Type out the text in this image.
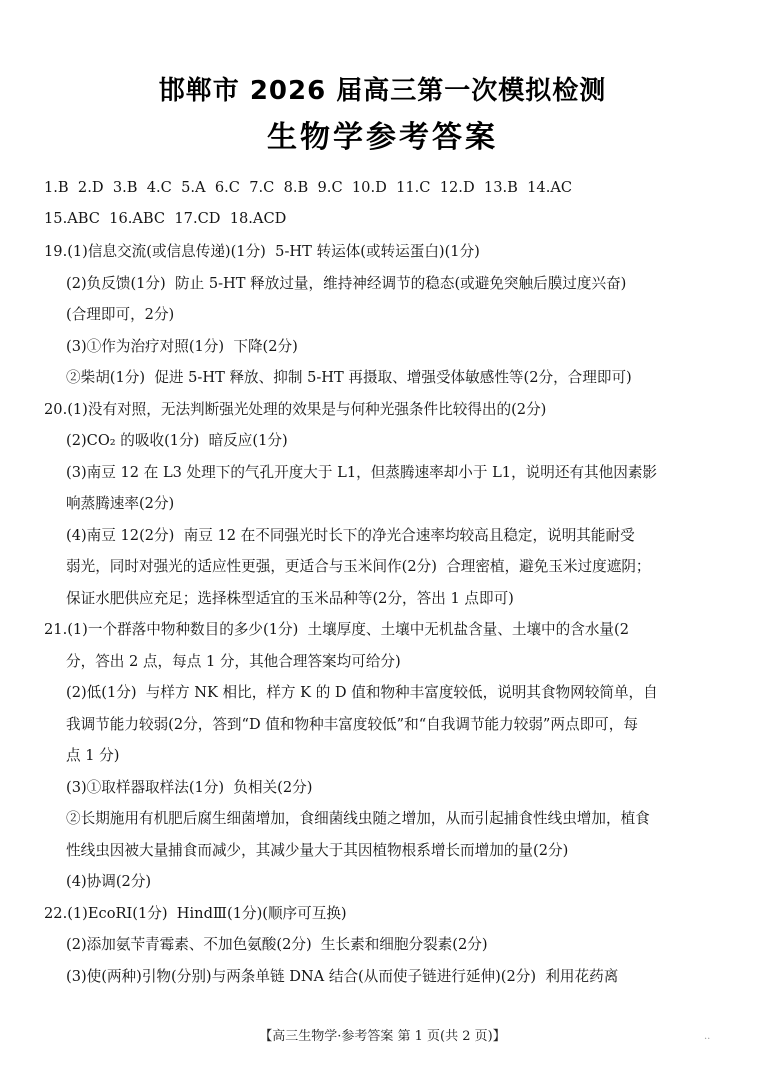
邯郸市 2026 届高三第一次模拟检测
生物学参考答案
1.B  2.D  3.B  4.C  5.A  6.C  7.C  8.B  9.C  10.D  11.C  12.D  13.B  14.AC
15.ABC  16.ABC  17.CD  18.ACD
19.(1)信息交流(或信息传递)(1分)  5-HT 转运体(或转运蛋白)(1分)
(2)负反馈(1分)  防止 5-HT 释放过量，维持神经调节的稳态(或避免突触后膜过度兴奋)
(合理即可，2分)
(3)①作为治疗对照(1分)  下降(2分)
②柴胡(1分)  促进 5-HT 释放、抑制 5-HT 再摄取、增强受体敏感性等(2分，合理即可)
20.(1)没有对照，无法判断强光处理的效果是与何种光强条件比较得出的(2分)
(2)CO₂ 的吸收(1分)  暗反应(1分)
(3)南豆 12 在 L3 处理下的气孔开度大于 L1，但蒸腾速率却小于 L1，说明还有其他因素影
响蒸腾速率(2分)
(4)南豆 12(2分)  南豆 12 在不同强光时长下的净光合速率均较高且稳定，说明其能耐受
弱光，同时对强光的适应性更强，更适合与玉米间作(2分)  合理密植，避免玉米过度遮阴；
保证水肥供应充足；选择株型适宜的玉米品种等(2分，答出 1 点即可)
21.(1)一个群落中物种数目的多少(1分)  土壤厚度、土壤中无机盐含量、土壤中的含水量(2
分，答出 2 点，每点 1 分，其他合理答案均可给分)
(2)低(1分)  与样方 NK 相比，样方 K 的 D 值和物种丰富度较低，说明其食物网较简单，自
我调节能力较弱(2分，答到“D 值和物种丰富度较低”和“自我调节能力较弱”两点即可，每
点 1 分)
(3)①取样器取样法(1分)  负相关(2分)
②长期施用有机肥后腐生细菌增加，食细菌线虫随之增加，从而引起捕食性线虫增加，植食
性线虫因被大量捕食而减少，其减少量大于其因植物根系增长而增加的量(2分)
(4)协调(2分)
22.(1)EcoRⅠ(1分)  HindⅢ(1分)(顺序可互换)
(2)添加氨苄青霉素、不加色氨酸(2分)  生长素和细胞分裂素(2分)
(3)使(两种)引物(分别)与两条单链 DNA 结合(从而使子链进行延伸)(2分)  利用花药离
【高三生物学·参考答案 第 1 页(共 2 页)】	..
